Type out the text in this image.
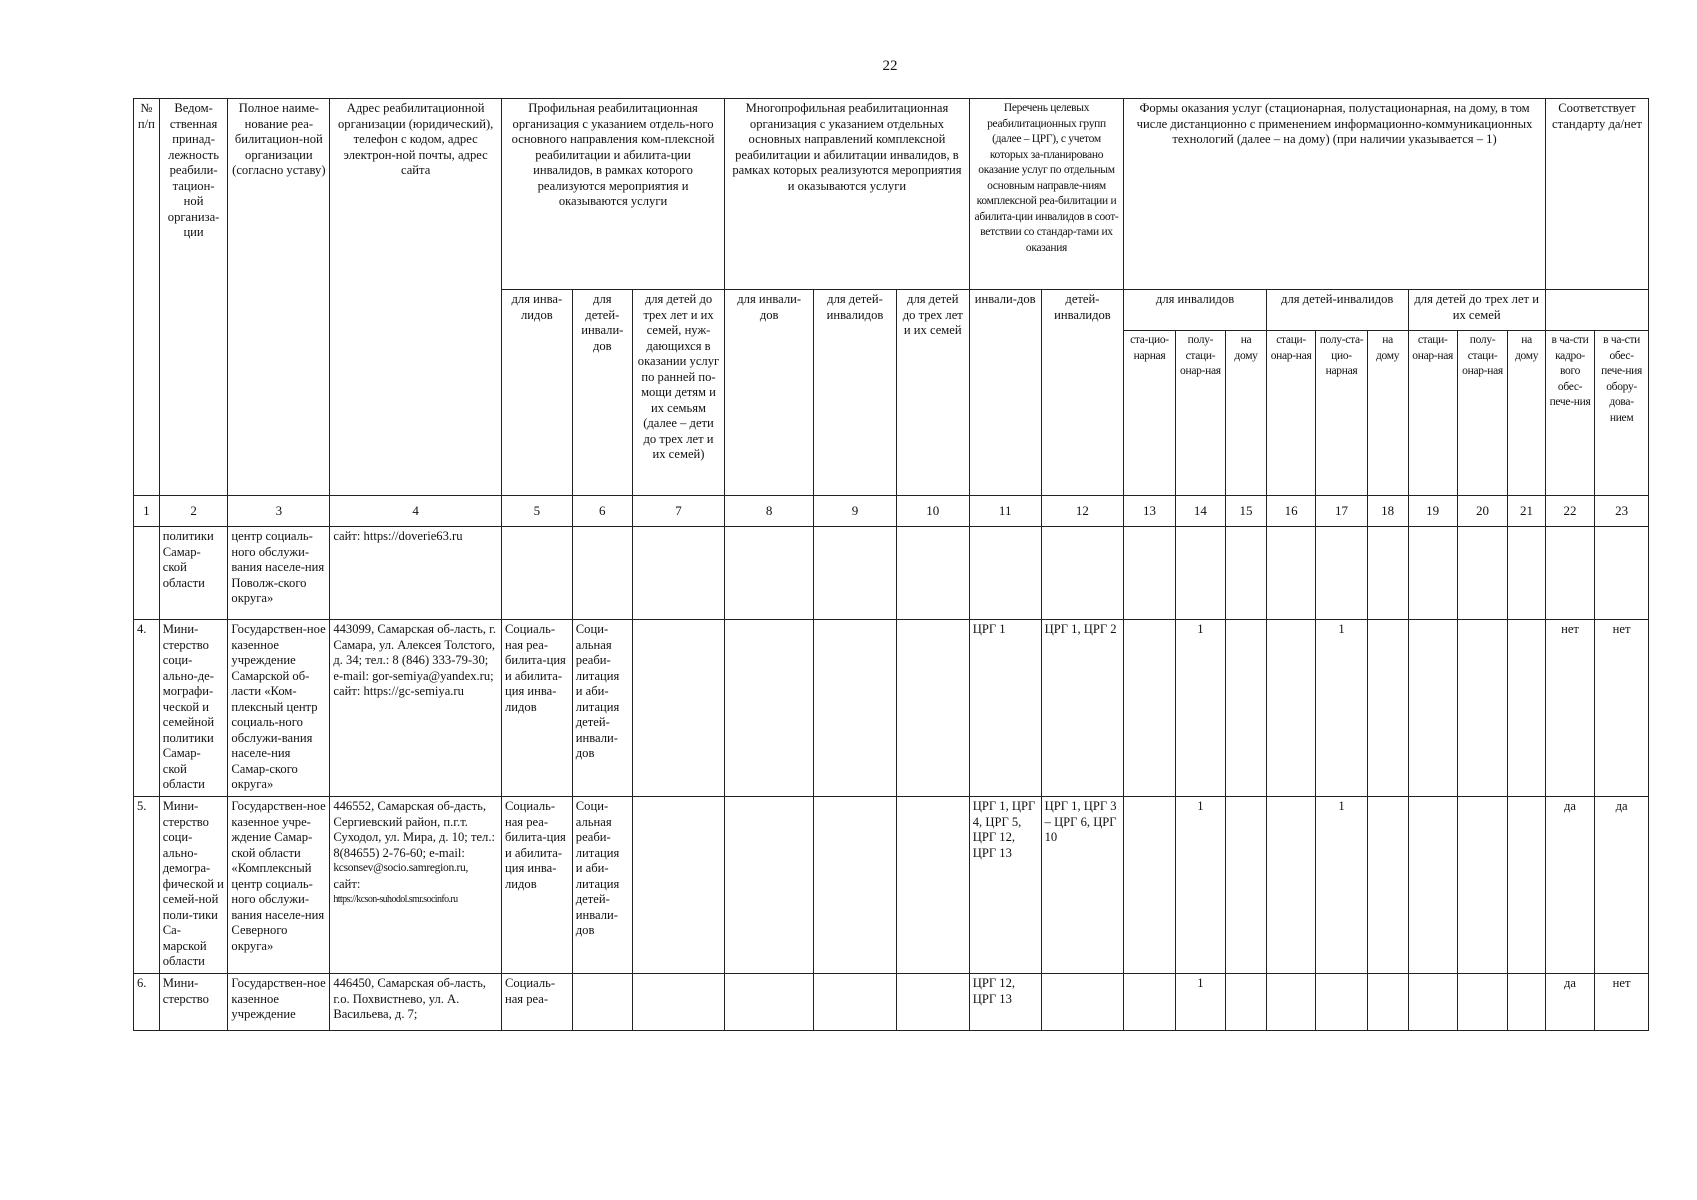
22
№ п/п	Ведом-ственная принад-лежность реабили-тацион-ной организа-ции	Полное наиме-нование реа-билитацион-ной организации (согласно уставу)	Адрес реабилитационной организации (юридический), телефон с кодом, адрес электрон-ной почты, адрес сайта	Профильная реабилитационная организация с указанием отдель-ного основного направления ком-плексной реабилитации и абилита-ции инвалидов, в рамках которого реализуются мероприятия и оказываются услуги			Многопрофильная реабилитационная организация с указанием отдельных основных направлений комплексной реабилитации и абилитации инвалидов, в рамках которых реализуются мероприятия и оказываются услуги			Перечень целевых реабилитационных групп (далее – ЦРГ), с учетом которых за-планировано оказание услуг по отдельным основным направле-ниям комплексной реа-билитации и абилита-ции инвалидов в соот-ветствии со стандар-тами их оказания		Формы оказания услуг (стационарная, полустационарная, на дому, в том числе дистанционно с применением информационно-коммуникационных технологий (далее – на дому) (при наличии указывается – 1)									Соответствует стандарту да/нет	
				для инва-лидов	для детей-инвали-дов	для детей до трех лет и их семей, нуж-дающихся в оказании услуг по ранней по-мощи детям и их семьям (далее – дети до трех лет и их семей)	для инвали-дов	для детей-инвалидов	для детей до трех лет и их семей	инвали-дов	детей-инвалидов	для инвалидов			для детей-инвалидов			для детей до трех лет и их семей				
												ста-цио-нарная	полу-стаци-онар-ная	на дому	стаци-онар-ная	полу-ста-цио-нарная	на дому	стаци-онар-ная	полу-стаци-онар-ная	на дому	в ча-сти кадро-вого обес-пече-ния	в ча-сти обес-пече-ния обору-дова-нием
1	2	3	4	5	6	7	8	9	10	11	12	13	14	15	16	17	18	19	20	21	22	23
	политики Самар-ской области	центр социаль-ного обслужи-вания населе-ния Поволж-ского округа»	сайт: https://doverie63.ru																			
4.	Мини-стерство соци-ально-де-мографи-ческой и семейной политики Самар-ской области	Государствен-ное казенное учреждение Самарской об-ласти «Ком-плексный центр социаль-ного обслужи-вания населе-ния Самар-ского округа»	443099, Самарская об-ласть, г. Самара, ул. Алексея Толстого, д. 34; тел.: 8 (846) 333-79-30; e-mail: gor-semiya@yandex.ru; сайт: https://gc-semiya.ru	Социаль-ная реа-билита-ция и абилита-ция инва-лидов	Соци-альная реаби-литация и аби-литация детей-инвали-дов					ЦРГ 1	ЦРГ 1, ЦРГ 2		1			1					нет	нет
5.	Мини-стерство соци-ально-демогра-фической и семей-ной поли-тики Са-марской области	Государствен-ное казенное учре-ждение Самар-ской области «Комплексный центр социаль-ного обслужи-вания населе-ния Северного округа»	446552, Самарская об-дасть, Сергиевский район, п.г.т. Суходол, ул. Мира, д. 10; тел.: 8(84655) 2-76-60; e-mail:
kcsonsev@socio.samregion.ru,
сайт:
https://kcson-suhodol.smr.socinfo.ru	Социаль-ная реа-билита-ция и абилита-ция инва-лидов	Соци-альная реаби-литация и аби-литация детей-инвали-дов					ЦРГ 1, ЦРГ 4, ЦРГ 5, ЦРГ 12, ЦРГ 13	ЦРГ 1, ЦРГ 3 – ЦРГ 6, ЦРГ 10		1			1					да	да
6.	Мини-стерство	Государствен-ное казенное учреждение	446450, Самарская об-ласть, г.о. Похвистнево, ул. А. Васильева, д. 7;	Социаль-ная реа-						ЦРГ 12, ЦРГ 13			1								да	нет
